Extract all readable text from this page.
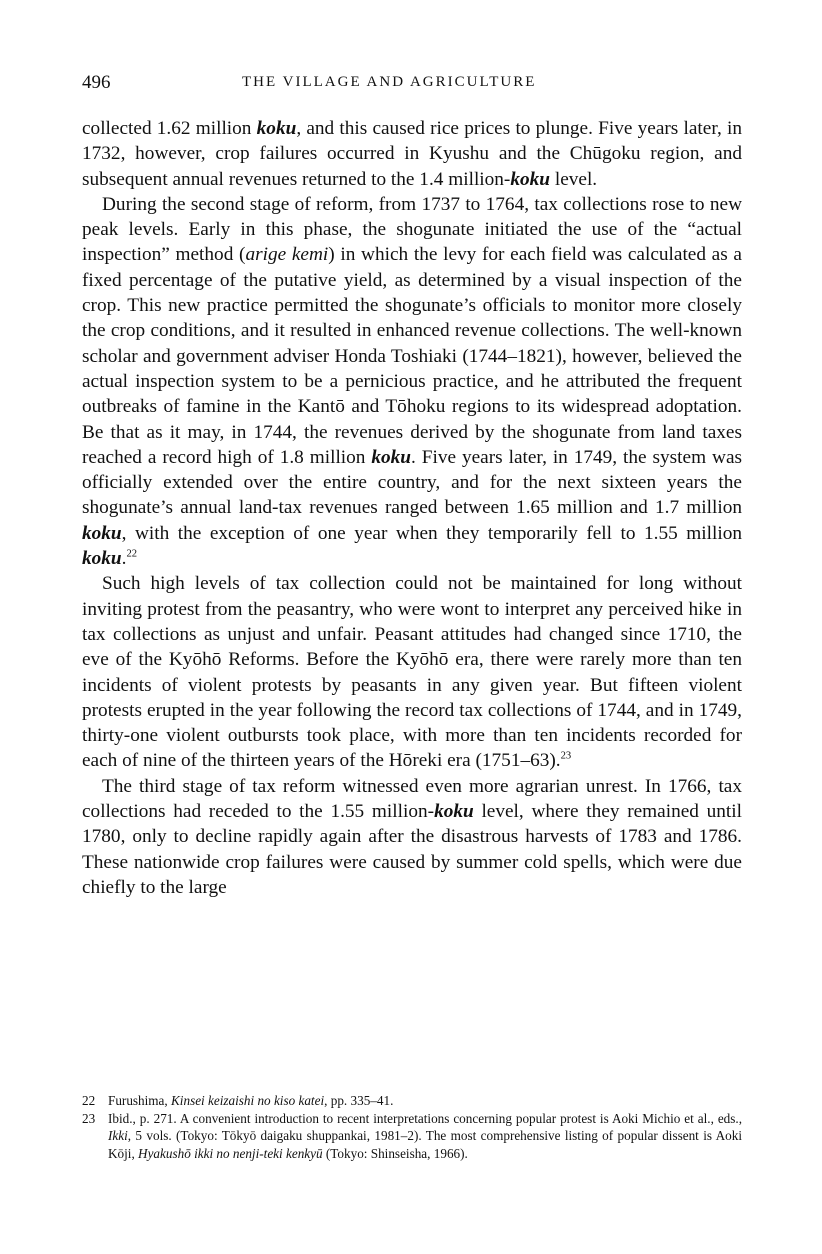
496	THE VILLAGE AND AGRICULTURE

collected 1.62 million koku, and this caused rice prices to plunge. Five years later, in 1732, however, crop failures occurred in Kyushu and the Chūgoku region, and subsequent annual revenues returned to the 1.4 million-koku level.

During the second stage of reform, from 1737 to 1764, tax collections rose to new peak levels. Early in this phase, the shogunate initiated the use of the “actual inspection” method (arige kemi) in which the levy for each field was calculated as a fixed percentage of the putative yield, as determined by a visual inspection of the crop. This new practice permitted the shogunate’s officials to monitor more closely the crop conditions, and it resulted in enhanced revenue collections. The well-known scholar and government adviser Honda Toshiaki (1744–1821), however, believed the actual inspection system to be a pernicious practice, and he attributed the frequent outbreaks of famine in the Kantō and Tōhoku regions to its widespread adoptation. Be that as it may, in 1744, the revenues derived by the shogunate from land taxes reached a record high of 1.8 million koku. Five years later, in 1749, the system was officially extended over the entire country, and for the next sixteen years the shogunate’s annual land-tax revenues ranged between 1.65 million and 1.7 million koku, with the exception of one year when they temporarily fell to 1.55 million koku.$^{22}$

Such high levels of tax collection could not be maintained for long without inviting protest from the peasantry, who were wont to interpret any perceived hike in tax collections as unjust and unfair. Peasant attitudes had changed since 1710, the eve of the Kyōhō Reforms. Before the Kyōhō era, there were rarely more than ten incidents of violent protests by peasants in any given year. But fifteen violent protests erupted in the year following the record tax collections of 1744, and in 1749, thirty-one violent outbursts took place, with more than ten incidents recorded for each of nine of the thirteen years of the Hōreki era (1751–63).$^{23}$

The third stage of tax reform witnessed even more agrarian unrest. In 1766, tax collections had receded to the 1.55 million-koku level, where they remained until 1780, only to decline rapidly again after the disastrous harvests of 1783 and 1786. These nationwide crop failures were caused by summer cold spells, which were due chiefly to the large

22 Furushima, Kinsei keizaishi no kiso katei, pp. 335–41.
23 Ibid., p. 271. A convenient introduction to recent interpretations concerning popular protest is Aoki Michio et al., eds., Ikki, 5 vols. (Tokyo: Tōkyō daigaku shuppankai, 1981–2). The most comprehensive listing of popular dissent is Aoki Kōji, Hyakushō ikki no nenji-teki kenkyū (Tokyo: Shinseisha, 1966).
